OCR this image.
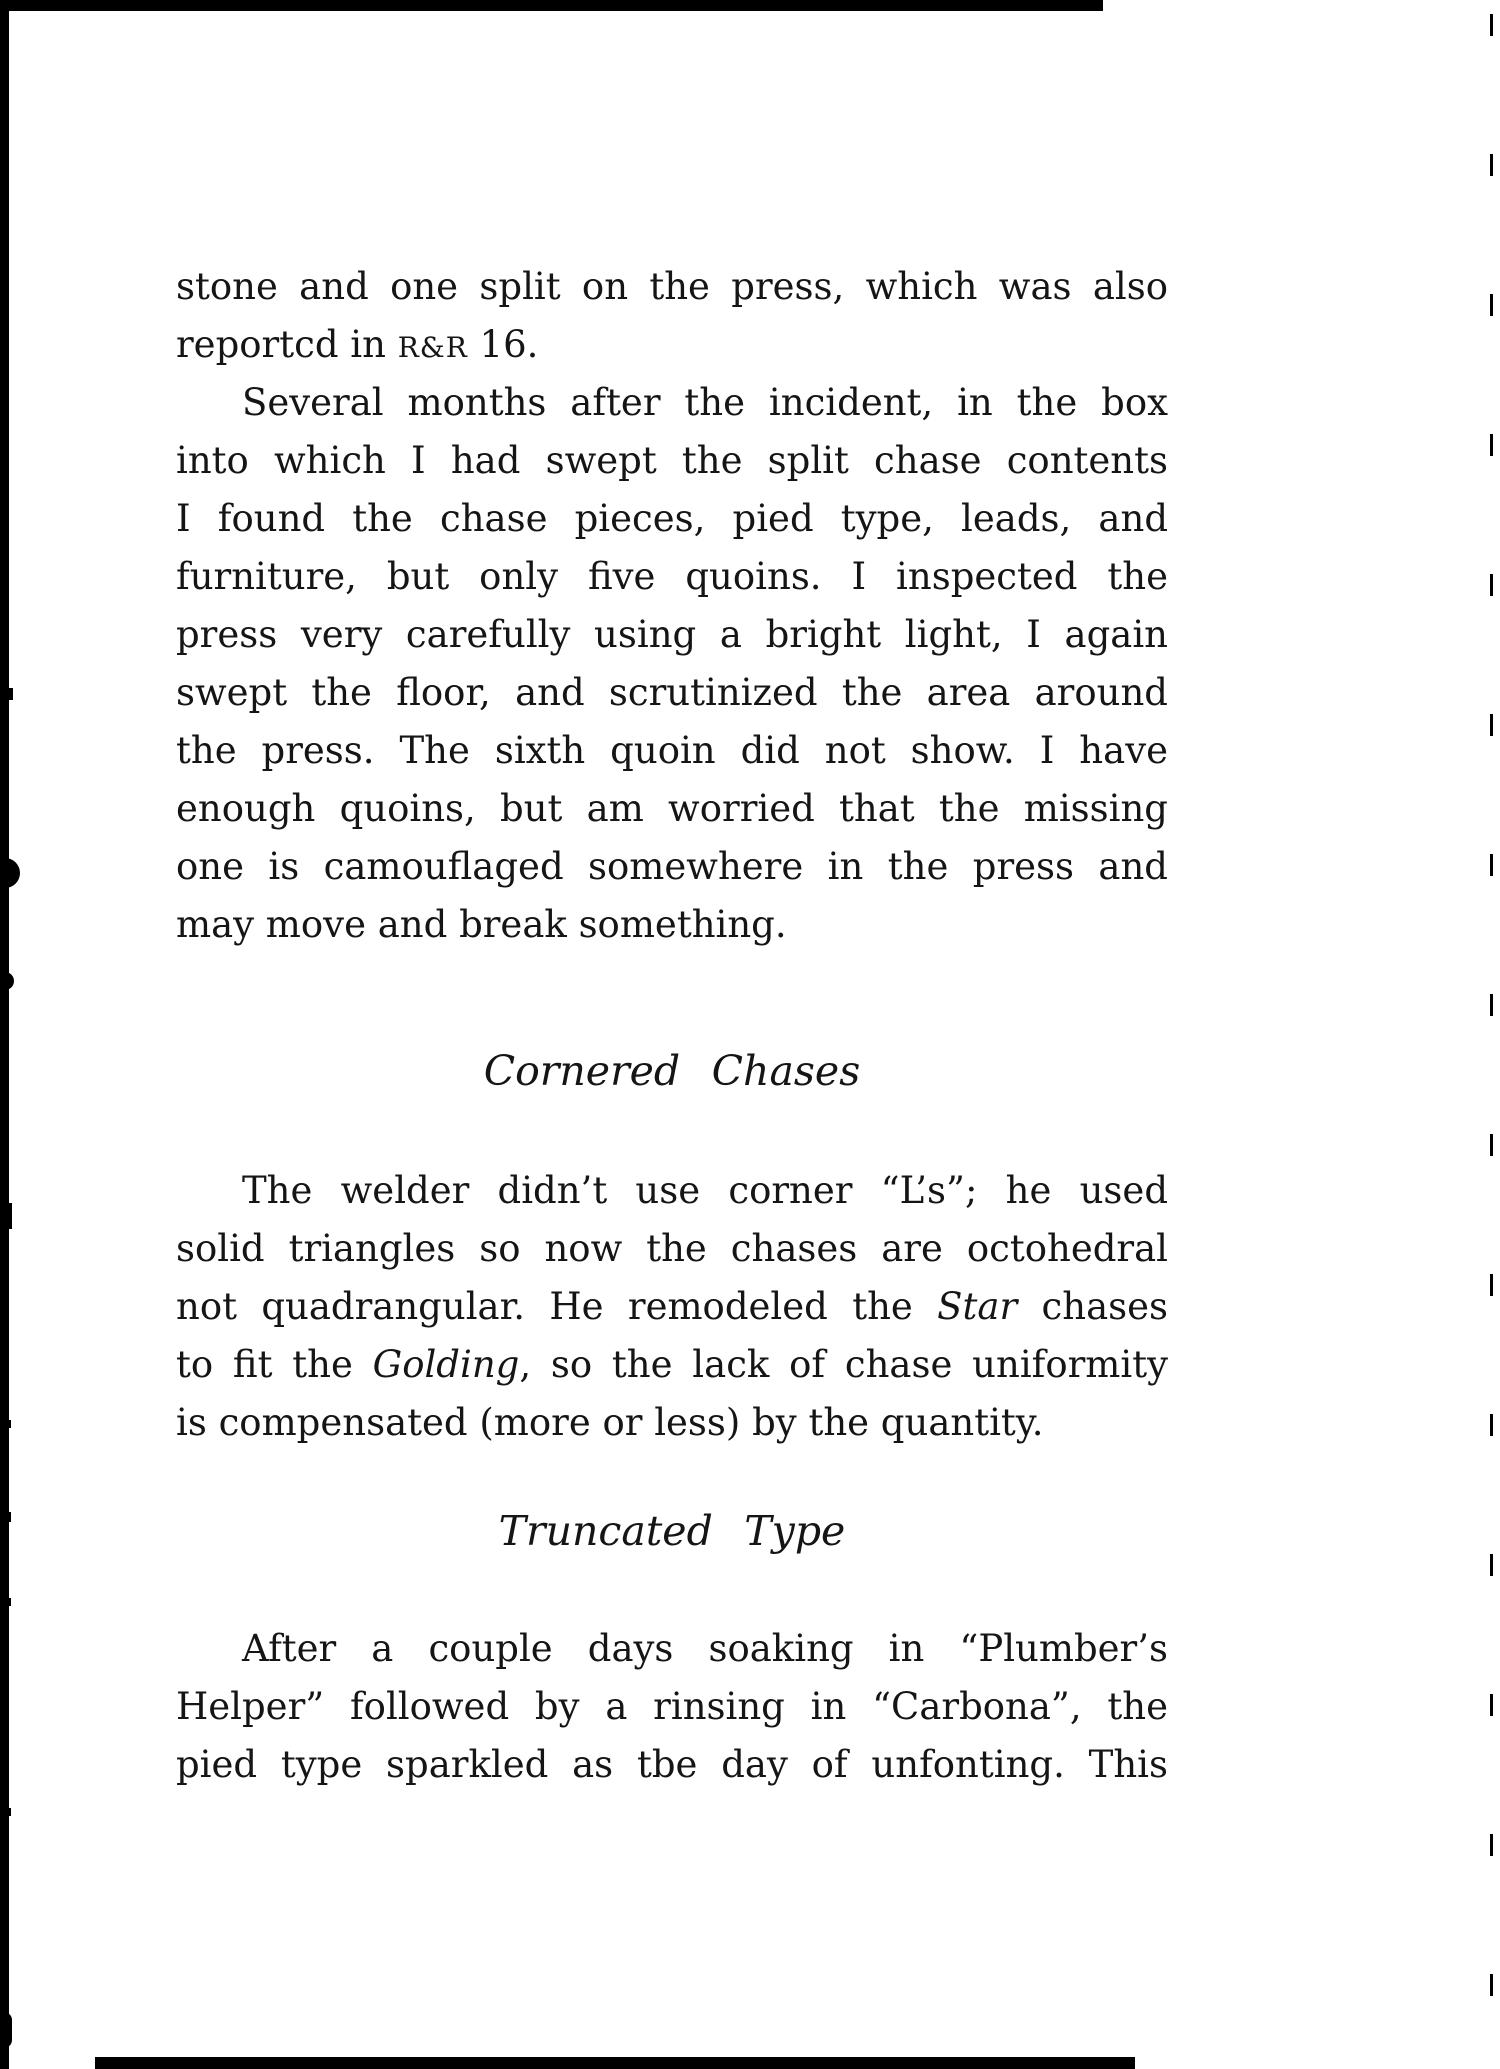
stone and one split on the press, which was also
reportcd in R&R 16.
Several months after the incident, in the box
into which I had swept the split chase contents
I found the chase pieces, pied type, leads, and
furniture, but only five quoins. I inspected the
press very carefully using a bright light, I again
swept the floor, and scrutinized the area around
the press. The sixth quoin did not show. I have
enough quoins, but am worried that the missing
one is camouflaged somewhere in the press and
may move and break something.
Cornered Chases
The welder didn’t use corner “L’s”; he used
solid triangles so now the chases are octohedral
not quadrangular. He remodeled the Star chases
to fit the Golding, so the lack of chase uniformity
is compensated (more or less) by the quantity.
Truncated Type
After a couple days soaking in “Plumber’s
Helper” followed by a rinsing in “Carbona”, the
pied type sparkled as tbe day of unfonting. This
